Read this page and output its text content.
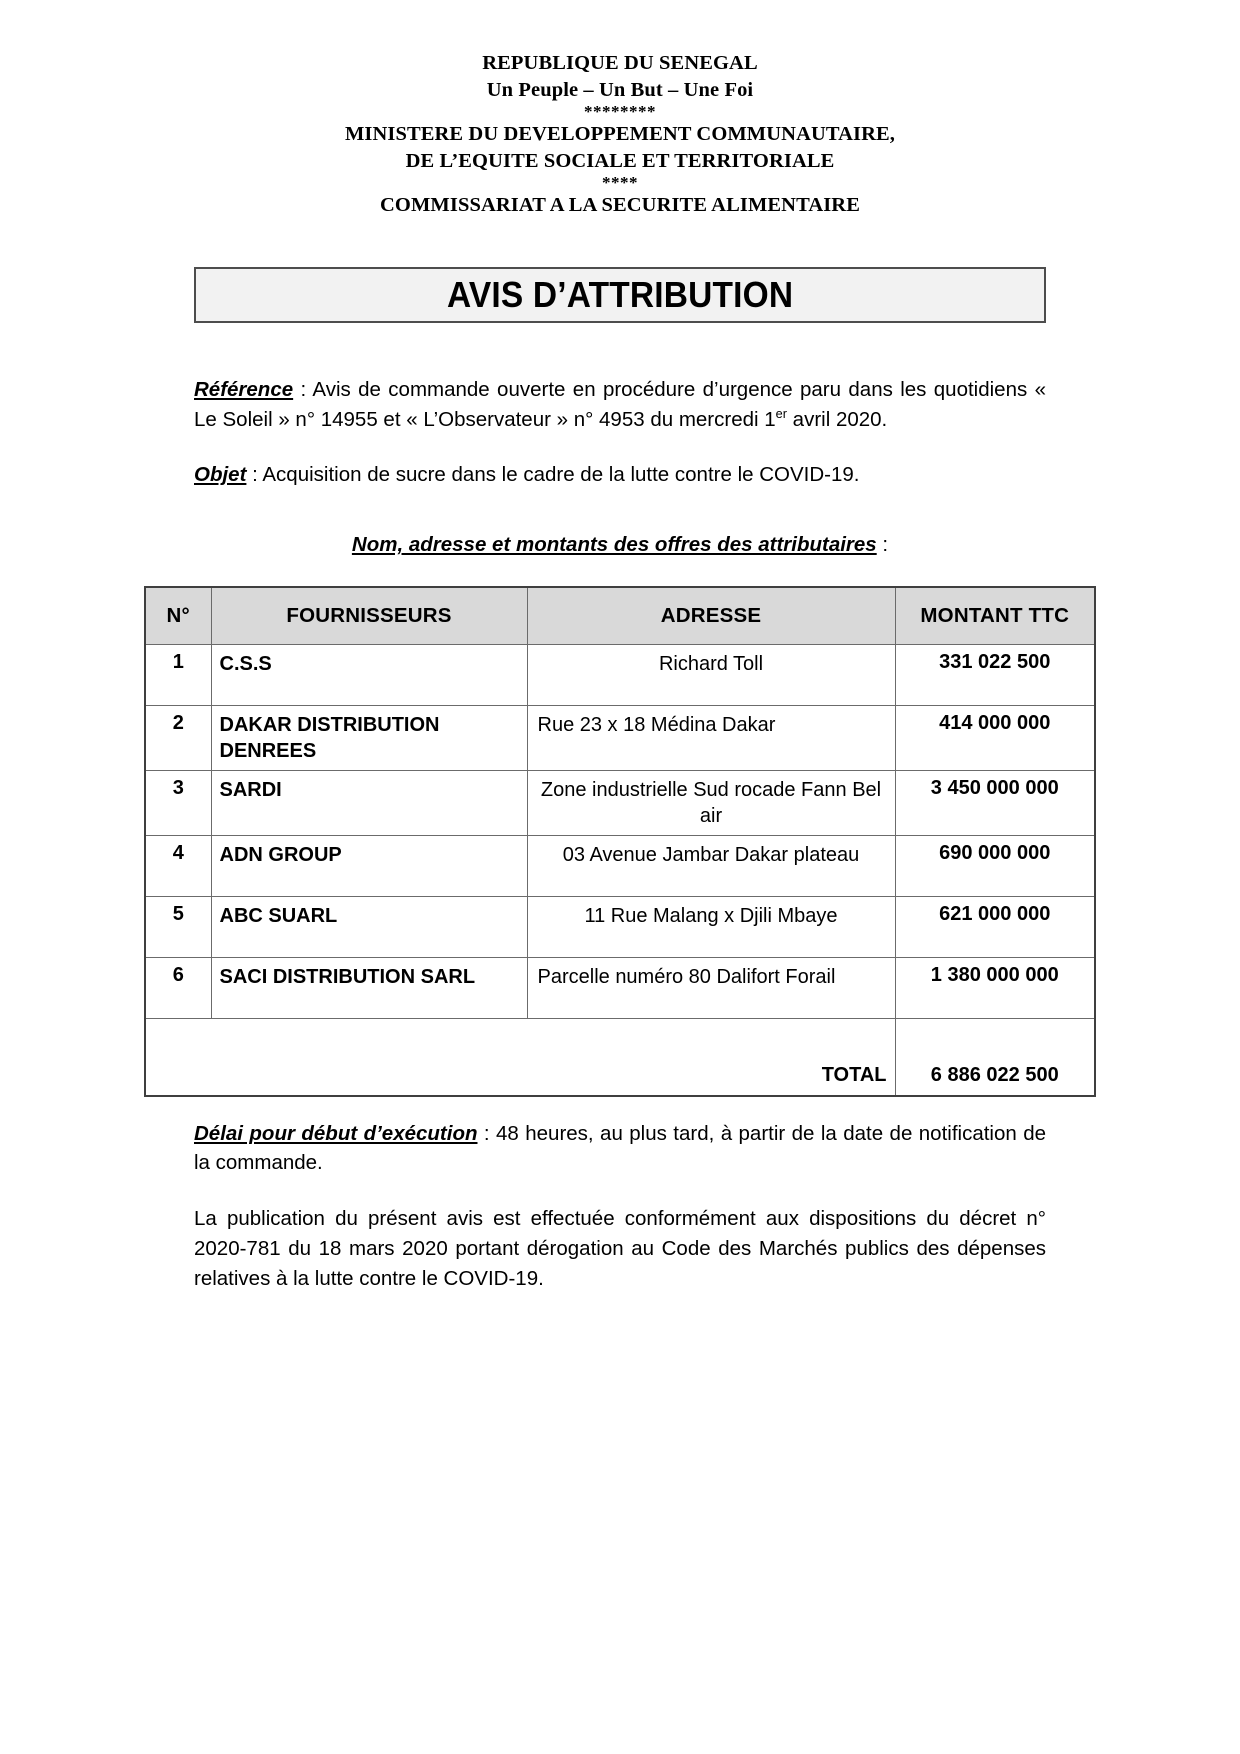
REPUBLIQUE DU SENEGAL
Un Peuple – Un But – Une Foi
********
MINISTERE DU DEVELOPPEMENT COMMUNAUTAIRE,
DE L’EQUITE SOCIALE ET TERRITORIALE
****
COMMISSARIAT A LA SECURITE ALIMENTAIRE
AVIS D’ATTRIBUTION

Référence : Avis de commande ouverte en procédure d’urgence paru dans les quotidiens « Le Soleil » n° 14955 et « L’Observateur » n° 4953 du mercredi 1er avril 2020.

Objet : Acquisition de sucre dans le cadre de la lutte contre le COVID-19.

Nom, adresse et montants des offres des attributaires :

N°	FOURNISSEURS	ADRESSE	MONTANT TTC
1	C.S.S	Richard Toll	331 022 500
2	DAKAR DISTRIBUTION DENREES	Rue 23 x 18 Médina Dakar	414 000 000
3	SARDI	Zone industrielle Sud rocade Fann Bel air	3 450 000 000
4	ADN GROUP	03 Avenue Jambar Dakar plateau	690 000 000
5	ABC SUARL	11 Rue Malang x Djili Mbaye	621 000 000
6	SACI DISTRIBUTION SARL	Parcelle numéro 80 Dalifort Forail	1 380 000 000
TOTAL			6 886 022 500

Délai pour début d’exécution : 48 heures, au plus tard, à partir de la date de notification de la commande.

La publication du présent avis est effectuée conformément aux dispositions du décret n° 2020-781 du 18 mars 2020 portant dérogation au Code des Marchés publics des dépenses relatives à la lutte contre le COVID-19.
